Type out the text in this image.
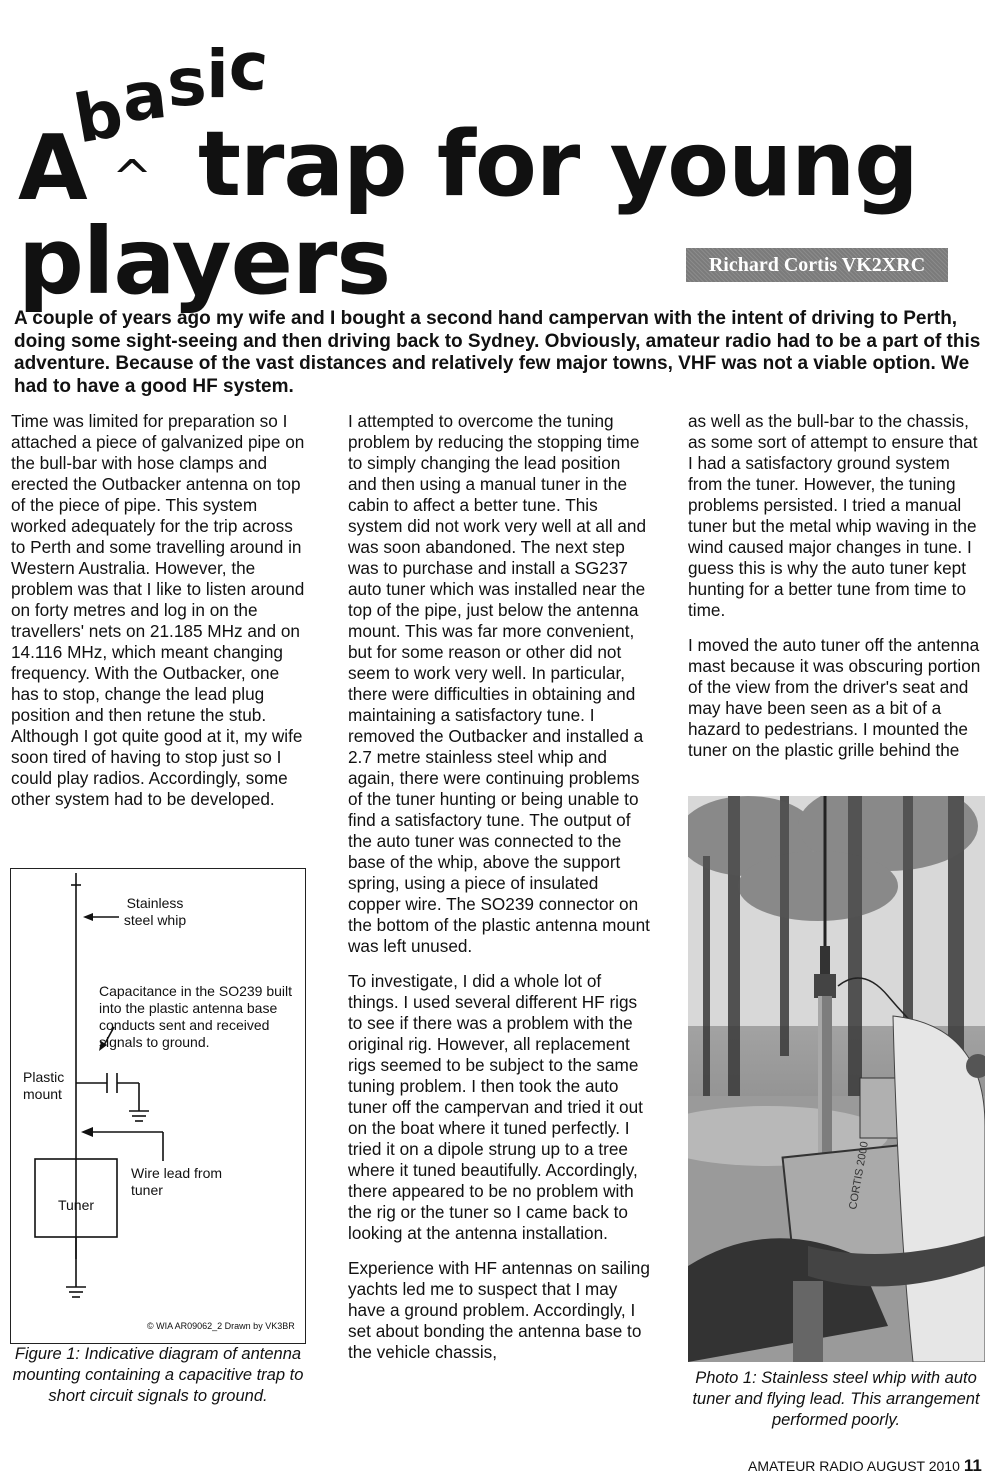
A
basic
^ trap for young
players	Richard Cortis VK2XRC
A couple of years ago my wife and I bought a second hand campervan with the intent of driving to Perth, doing some sight-seeing and then driving back to Sydney. Obviously, amateur radio had to be a part of this adventure. Because of the vast distances and relatively few major towns, VHF was not a viable option. We had to have a good HF system.

Time was limited for preparation so I attached a piece of galvanized pipe on the bull-bar with hose clamps and erected the Outbacker antenna on top of the piece of pipe. This system worked adequately for the trip across to Perth and some travelling around in Western Australia. However, the problem was that I like to listen around on forty metres and log in on the travellers' nets on 21.185 MHz and on 14.116 MHz, which meant changing frequency. With the Outbacker, one has to stop, change the lead plug position and then retune the stub. Although I got quite good at it, my wife soon tired of having to stop just so I could play radios. Accordingly, some other system had to be developed.

Stainless steel whip
Capacitance in the SO239 built into the plastic antenna base conducts sent and received signals to ground.
Plastic mount
Wire lead from tuner
Tuner
© WIA AR09062_2 Drawn by VK3BR
Figure 1: Indicative diagram of antenna mounting containing a capacitive trap to short circuit signals to ground.

I attempted to overcome the tuning problem by reducing the stopping time to simply changing the lead position and then using a manual tuner in the cabin to affect a better tune. This system did not work very well at all and was soon abandoned. The next step was to purchase and install a SG237 auto tuner which was installed near the top of the pipe, just below the antenna mount. This was far more convenient, but for some reason or other did not seem to work very well. In particular, there were difficulties in obtaining and maintaining a satisfactory tune. I removed the Outbacker and installed a 2.7 metre stainless steel whip and again, there were continuing problems of the tuner hunting or being unable to find a satisfactory tune. The output of the auto tuner was connected to the base of the whip, above the support spring, using a piece of insulated copper wire. The SO239 connector on the bottom of the plastic antenna mount was left unused.

To investigate, I did a whole lot of things. I used several different HF rigs to see if there was a problem with the original rig. However, all replacement rigs seemed to be subject to the same tuning problem. I then took the auto tuner off the campervan and tried it out on the boat where it tuned perfectly. I tried it on a dipole strung up to a tree where it tuned beautifully. Accordingly, there appeared to be no problem with the rig or the tuner so I came back to looking at the antenna installation.

Experience with HF antennas on sailing yachts led me to suspect that I may have a ground problem. Accordingly, I set about bonding the antenna base to the vehicle chassis,

as well as the bull-bar to the chassis, as some sort of attempt to ensure that I had a satisfactory ground system from the tuner. However, the tuning problems persisted. I tried a manual tuner but the metal whip waving in the wind caused major changes in tune. I guess this is why the auto tuner kept hunting for a better tune from time to time.

I moved the auto tuner off the antenna mast because it was obscuring portion of the view from the driver's seat and may have been seen as a bit of a hazard to pedestrians. I mounted the tuner on the plastic grille behind the

CORTIS 2000
Photo 1: Stainless steel whip with auto tuner and flying lead. This arrangement performed poorly.
AMATEUR RADIO AUGUST 2010 11
